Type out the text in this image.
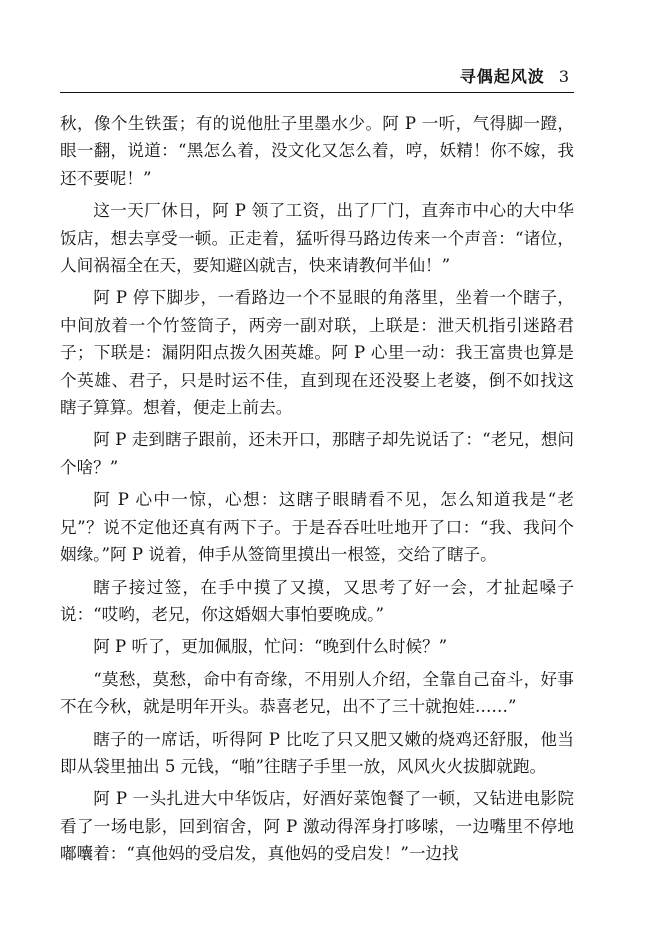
寻偶起风波 3

秋，像个生铁蛋；有的说他肚子里墨水少。阿 P 一听，气得脚一蹬，眼一翻，说道：“黑怎么着，没文化又怎么着，哼，妖精！你不嫁，我还不要呢！”

这一天厂休日，阿 P 领了工资，出了厂门，直奔市中心的大中华饭店，想去享受一顿。正走着，猛听得马路边传来一个声音：“诸位，人间祸福全在天，要知避凶就吉，快来请教何半仙！”

阿 P 停下脚步，一看路边一个不显眼的角落里，坐着一个瞎子，中间放着一个竹签筒子，两旁一副对联，上联是：泄天机指引迷路君子；下联是：漏阴阳点拨久困英雄。阿 P 心里一动：我王富贵也算是个英雄、君子，只是时运不佳，直到现在还没娶上老婆，倒不如找这瞎子算算。想着，便走上前去。

阿 P 走到瞎子跟前，还未开口，那瞎子却先说话了：“老兄，想问个啥？”

阿 P 心中一惊，心想：这瞎子眼睛看不见，怎么知道我是“老兄”？说不定他还真有两下子。于是吞吞吐吐地开了口：“我、我问个姻缘。”阿 P 说着，伸手从签筒里摸出一根签，交给了瞎子。

瞎子接过签，在手中摸了又摸，又思考了好一会，才扯起嗓子说：“哎哟，老兄，你这婚姻大事怕要晚成。”

阿 P 听了，更加佩服，忙问：“晚到什么时候？”

“莫愁，莫愁，命中有奇缘，不用别人介绍，全靠自己奋斗，好事不在今秋，就是明年开头。恭喜老兄，出不了三十就抱娃……”

瞎子的一席话，听得阿 P 比吃了只又肥又嫩的烧鸡还舒服，他当即从袋里抽出 5 元钱，“啪”往瞎子手里一放，风风火火拔脚就跑。

阿 P 一头扎进大中华饭店，好酒好菜饱餐了一顿，又钻进电影院看了一场电影，回到宿舍，阿 P 激动得浑身打哆嗦，一边嘴里不停地嘟囔着：“真他妈的受启发，真他妈的受启发！”一边找
